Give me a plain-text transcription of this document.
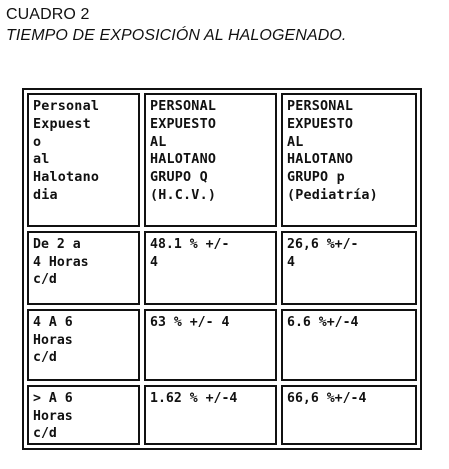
CUADRO 2
TIEMPO DE EXPOSICIÓN AL HALOGENADO.
Personal
Expuest
o
al
Halotano
dia
PERSONAL
EXPUESTO
AL
HALOTANO
GRUPO Q
(H.C.V.)
PERSONAL
EXPUESTO
AL
HALOTANO
GRUPO p
(Pediatría)
De 2 a
4 Horas
c/d
48.1 % +/-
4
26,6 %+/-
4
4 A 6
Horas
c/d
63 % +/- 4	6.6 %+/-4
> A 6
Horas
c/d
1.62 % +/-4	66,6 %+/-4
